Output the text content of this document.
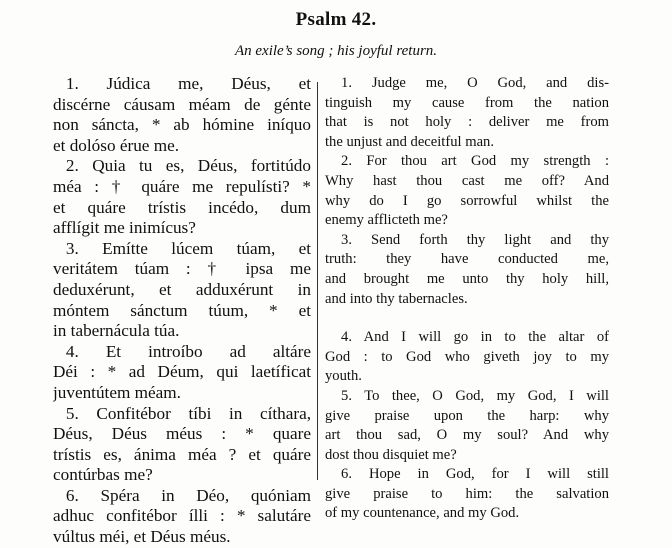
Psalm 42.
An exile’s song ; his joyful return.
1. Júdica me, Déus, et
discérne cáusam méam de génte
non sáncta, * ab hómine iníquo
et dolóso érue me.
2. Quia tu es, Déus, fortitúdo
méa : † quáre me repulísti? *
et quáre trístis incédo, dum
afflígit me inimícus?
3. Emítte lúcem túam, et
veritátem túam : † ipsa me
deduxérunt, et adduxérunt in
móntem sánctum túum, * et
in tabernácula túa.
4. Et introíbo ad altáre
Déi : * ad Déum, qui laetíficat
juventútem méam.
5. Confitébor tíbi in cíthara,
Déus, Déus méus : * quare
trístis es, ánima méa ? et quáre
contúrbas me?
6. Spéra in Déo, quóniam
adhuc confitébor ílli : * salutáre
vúltus méi, et Déus méus.
1. Judge me, O God, and dis-
tinguish my cause from the nation
that is not holy : deliver me from
the unjust and deceitful man.
2. For thou art God my strength :
Why hast thou cast me off? And
why do I go sorrowful whilst the
enemy afflicteth me?
3. Send forth thy light and thy
truth: they have conducted me,
and brought me unto thy holy hill,
and into thy tabernacles.
4. And I will go in to the altar of
God : to God who giveth joy to my
youth.
5. To thee, O God, my God, I will
give praise upon the harp: why
art thou sad, O my soul? And why
dost thou disquiet me?
6. Hope in God, for I will still
give praise to him: the salvation
of my countenance, and my God.
